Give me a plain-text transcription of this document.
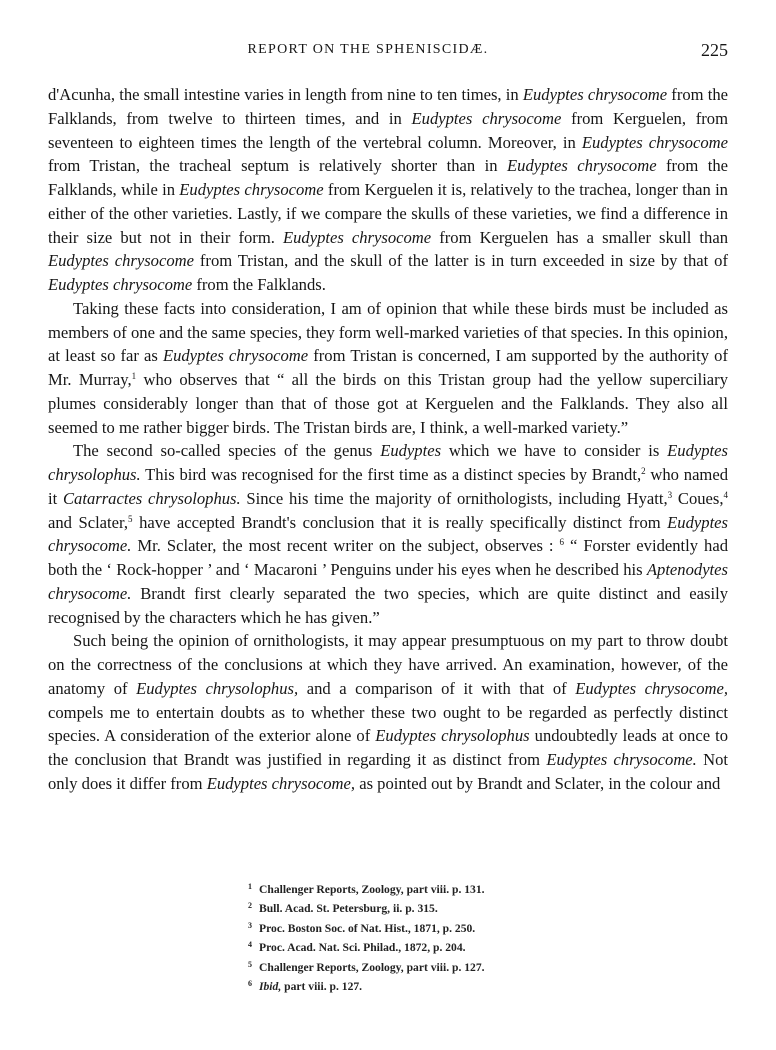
REPORT ON THE SPHENISCIDÆ.	225

d'Acunha, the small intestine varies in length from nine to ten times, in Eudyptes chrysocome from the Falklands, from twelve to thirteen times, and in Eudyptes chrysocome from Kerguelen, from seventeen to eighteen times the length of the vertebral column. Moreover, in Eudyptes chrysocome from Tristan, the tracheal septum is relatively shorter than in Eudyptes chrysocome from the Falklands, while in Eudyptes chrysocome from Kerguelen it is, relatively to the trachea, longer than in either of the other varieties. Lastly, if we compare the skulls of these varieties, we find a difference in their size but not in their form. Eudyptes chrysocome from Kerguelen has a smaller skull than Eudyptes chrysocome from Tristan, and the skull of the latter is in turn exceeded in size by that of Eudyptes chrysocome from the Falklands.

Taking these facts into consideration, I am of opinion that while these birds must be included as members of one and the same species, they form well-marked varieties of that species. In this opinion, at least so far as Eudyptes chrysocome from Tristan is concerned, I am supported by the authority of Mr. Murray,$^1$ who observes that “ all the birds on this Tristan group had the yellow superciliary plumes considerably longer than that of those got at Kerguelen and the Falklands. They also all seemed to me rather bigger birds. The Tristan birds are, I think, a well-marked variety.”

The second so-called species of the genus Eudyptes which we have to consider is Eudyptes chrysolophus. This bird was recognised for the first time as a distinct species by Brandt,$^2$ who named it Catarractes chrysolophus. Since his time the majority of ornithologists, including Hyatt,$^3$ Coues,$^4$ and Sclater,$^5$ have accepted Brandt's conclusion that it is really specifically distinct from Eudyptes chrysocome. Mr. Sclater, the most recent writer on the subject, observes : $^6$ “ Forster evidently had both the ‘ Rock-hopper ’ and ‘ Macaroni ’ Penguins under his eyes when he described his Aptenodytes chrysocome. Brandt first clearly separated the two species, which are quite distinct and easily recognised by the characters which he has given.”

Such being the opinion of ornithologists, it may appear presumptuous on my part to throw doubt on the correctness of the conclusions at which they have arrived. An examination, however, of the anatomy of Eudyptes chrysolophus, and a comparison of it with that of Eudyptes chrysocome, compels me to entertain doubts as to whether these two ought to be regarded as perfectly distinct species. A consideration of the exterior alone of Eudyptes chrysolophus undoubtedly leads at once to the conclusion that Brandt was justified in regarding it as distinct from Eudyptes chrysocome. Not only does it differ from Eudyptes chrysocome, as pointed out by Brandt and Sclater, in the colour and

1 Challenger Reports, Zoology, part viii. p. 131.
2 Bull. Acad. St. Petersburg, ii. p. 315.
3 Proc. Boston Soc. of Nat. Hist., 1871, p. 250.
4 Proc. Acad. Nat. Sci. Philad., 1872, p. 204.
5 Challenger Reports, Zoology, part viii. p. 127.
6 Ibid, part viii. p. 127.
